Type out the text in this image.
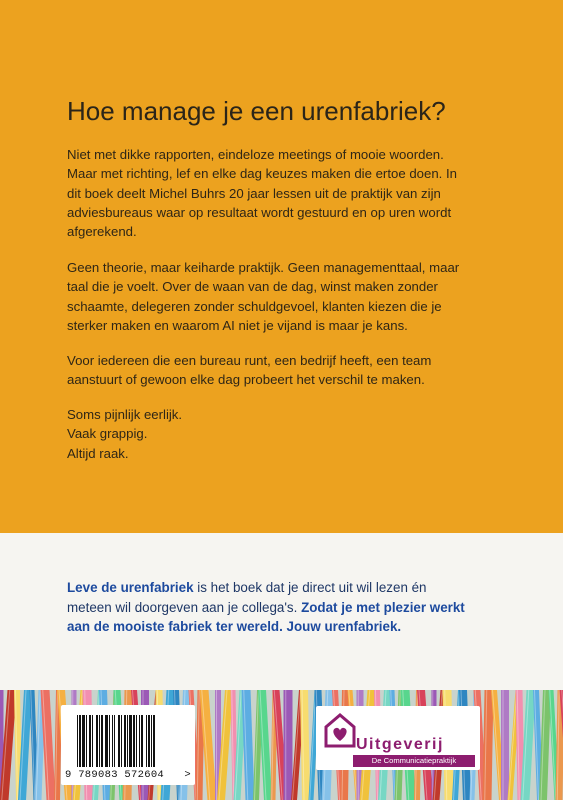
Hoe manage je een urenfabriek?

Niet met dikke rapporten, eindeloze meetings of mooie woorden.
Maar met richting, lef en elke dag keuzes maken die ertoe doen. In
dit boek deelt Michel Buhrs 20 jaar lessen uit de praktijk van zijn
adviesbureaus waar op resultaat wordt gestuurd en op uren wordt
afgerekend.

Geen theorie, maar keiharde praktijk. Geen managementtaal, maar
taal die je voelt. Over de waan van de dag, winst maken zonder
schaamte, delegeren zonder schuldgevoel, klanten kiezen die je
sterker maken en waarom AI niet je vijand is maar je kans.

Voor iedereen die een bureau runt, een bedrijf heeft, een team
aanstuurt of gewoon elke dag probeert het verschil te maken.

Soms pijnlijk eerlijk.
Vaak grappig.
Altijd raak.

Leve de urenfabriek is het boek dat je direct uit wil lezen én
meteen wil doorgeven aan je collega's. Zodat je met plezier werkt
aan de mooiste fabriek ter wereld. Jouw urenfabriek.

9 789083 572604 >
Uitgeverij
De Communicatiepraktijk
